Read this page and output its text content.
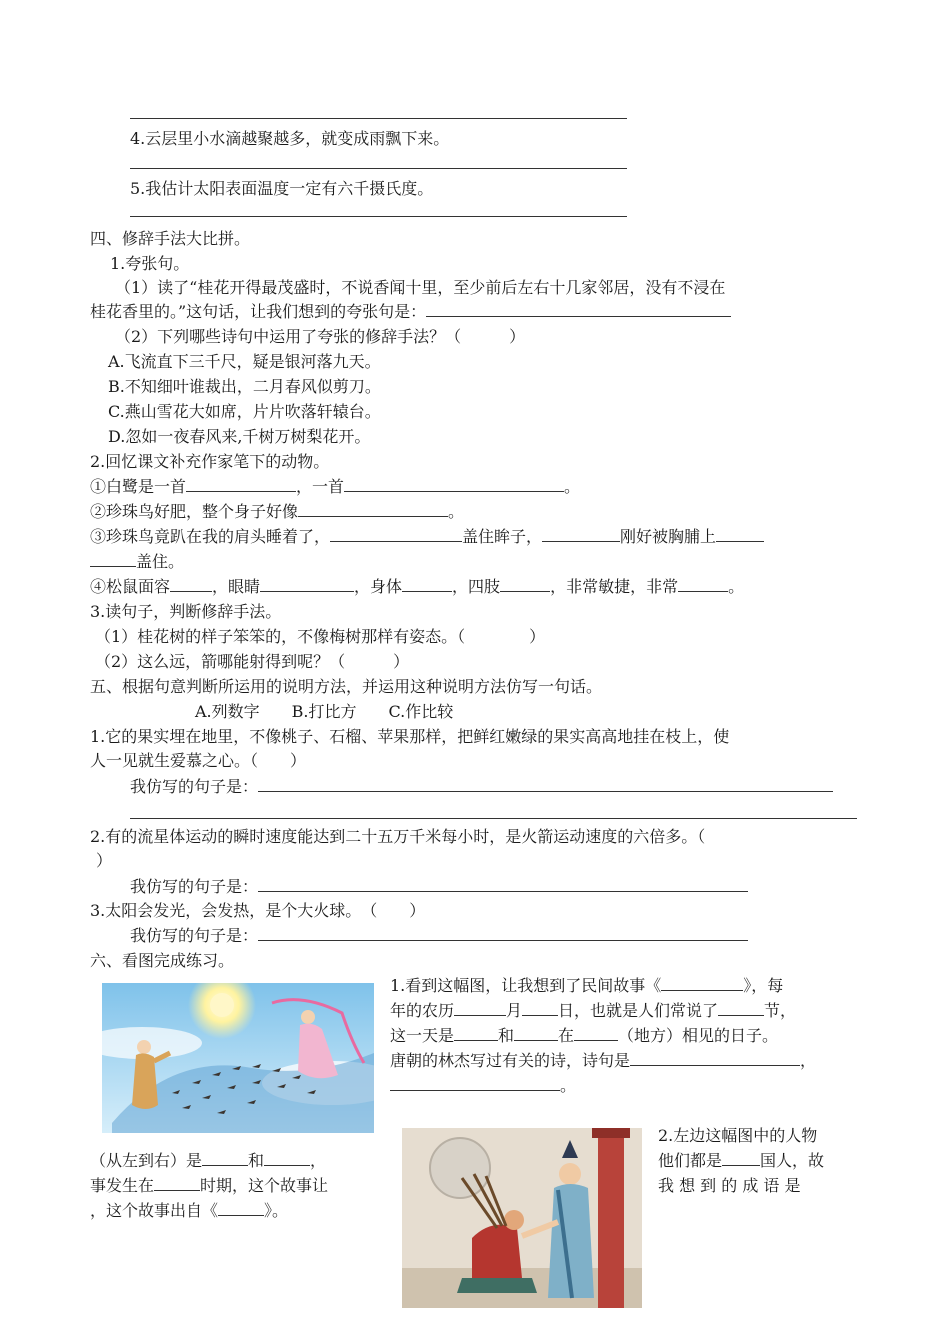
4.云层里小水滴越聚越多，就变成雨飘下来。
5.我估计太阳表面温度一定有六千摄氏度。
四、修辞手法大比拼。
1.夸张句。
（1）读了“桂花开得最茂盛时，不说香闻十里，至少前后左右十几家邻居，没有不浸在
桂花香里的。”这句话，让我们想到的夸张句是：
（2）下列哪些诗句中运用了夸张的修辞手法？（　　　）
A.飞流直下三千尺，疑是银河落九天。
B.不知细叶谁裁出，二月春风似剪刀。
C.燕山雪花大如席，片片吹落轩辕台。
D.忽如一夜春风来,千树万树梨花开。
2.回忆课文补充作家笔下的动物。
①白鹭是一首	，一首	。
②珍珠鸟好肥，整个身子好像	。
③珍珠鸟竟趴在我的肩头睡着了，	盖住眸子，	刚好被胸脯上
盖住。
④松鼠面容	，眼睛	，身体	，四肢	，非常敏捷，非常	。
3.读句子，判断修辞手法。
（1）桂花树的样子笨笨的，不像梅树那样有姿态。（　　　　）
（2）这么远，箭哪能射得到呢？（　　　）
五、根据句意判断所运用的说明方法，并运用这种说明方法仿写一句话。
A.列数字　　B.打比方　　C.作比较
1.它的果实埋在地里，不像桃子、石榴、苹果那样，把鲜红嫩绿的果实高高地挂在枝上，使
人一见就生爱慕之心。（　　）
我仿写的句子是：
2.有的流星体运动的瞬时速度能达到二十五万千米每小时，是火箭运动速度的六倍多。（
）
我仿写的句子是：
3.太阳会发光，会发热，是个大火球。　（　　）
我仿写的句子是：
六、看图完成练习。
1.看到这幅图，让我想到了民间故事《	》，每
年的农历	月 日，也就是人们常说了	节，
这一天是	和	在	（地方）相见的日子。
唐朝的林杰写过有关的诗，诗句是	，
。
2.左边这幅图中的人物
他们都是 国人，故
我 想 到 的 成 语 是
（从左到右）是	和	，
事发生在	时期，这个故事让
，这个故事出自《	》。
